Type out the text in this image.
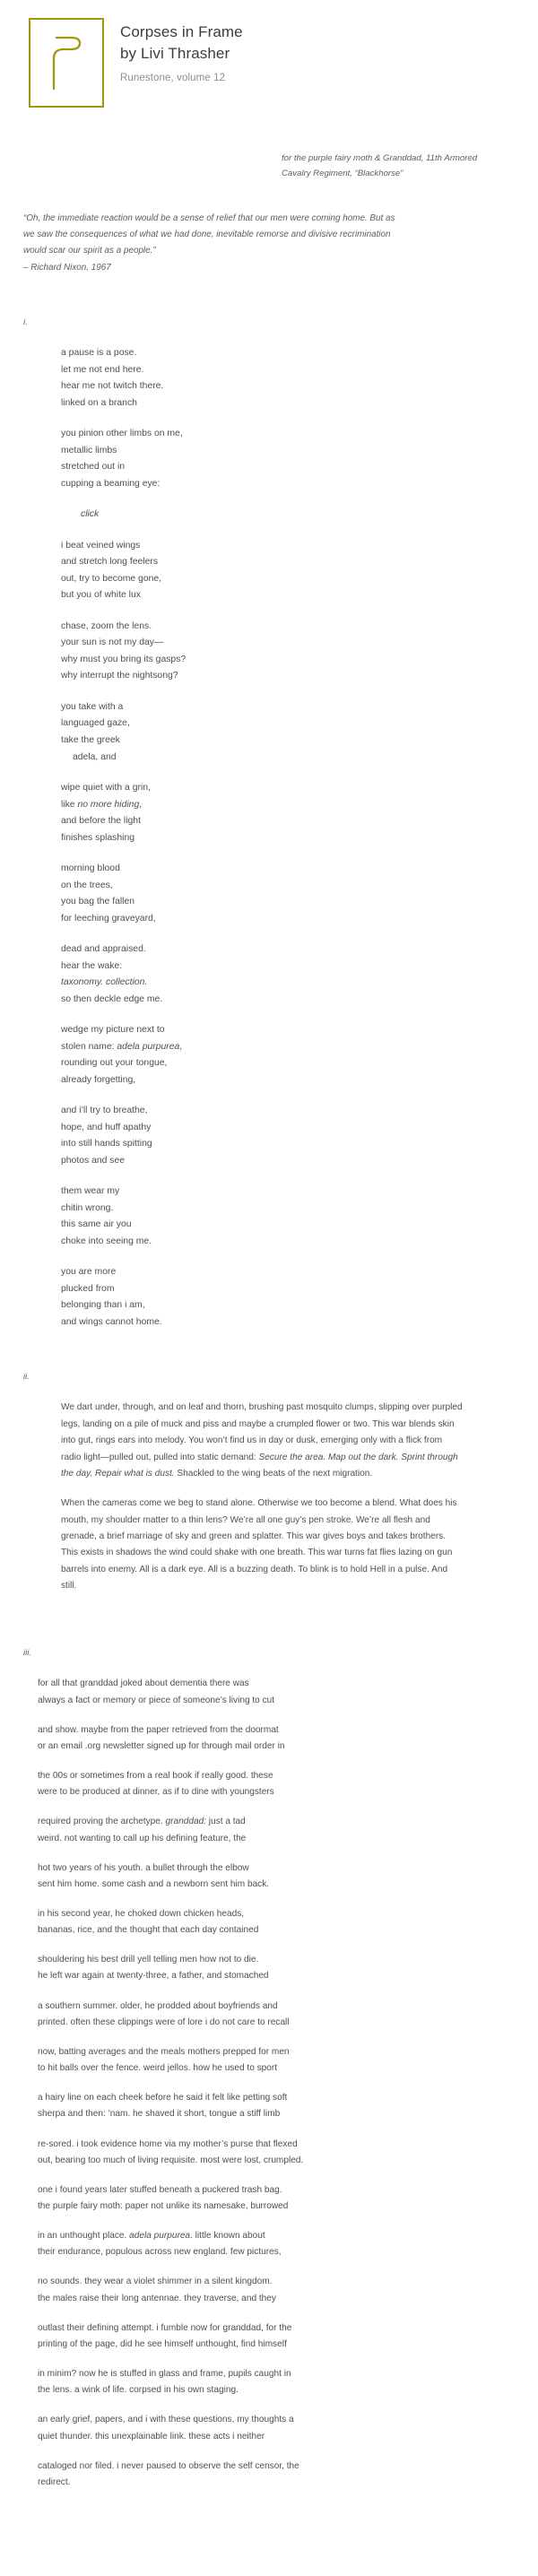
Corpses in Frame
by Livi Thrasher
Runestone, volume 12
for the purple fairy moth & Granddad, 11th Armored
Cavalry Regiment, “Blackhorse”
“Oh, the immediate reaction would be a sense of relief that our men were coming home. But as
we saw the consequences of what we had done, inevitable remorse and divisive recrimination
would scar our spirit as a people.”
– Richard Nixon, 1967
i.
a pause is a pose.
let me not end here.
hear me not twitch there.
linked on a branch
you pinion other limbs on me,
metallic limbs
stretched out in
cupping a beaming eye:
click
i beat veined wings
and stretch long feelers
out, try to become gone,
but you of white lux
chase, zoom the lens.
your sun is not my day—
why must you bring its gasps?
why interrupt the nightsong?
you take with a
languaged gaze,
take the greek
adela, and
wipe quiet with a grin,
like no more hiding,
and before the light
finishes splashing
morning blood
on the trees,
you bag the fallen
for leeching graveyard,
dead and appraised.
hear the wake:
taxonomy. collection.
so then deckle edge me.
wedge my picture next to
stolen name: adela purpurea,
rounding out your tongue,
already forgetting,
and i’ll try to breathe,
hope, and huff apathy
into still hands spitting
photos and see
them wear my
chitin wrong.
this same air you
choke into seeing me.
you are more
plucked from
belonging than i am,
and wings cannot home.
ii.

We dart under, through, and on leaf and thorn, brushing past mosquito clumps, slipping over purpled legs, landing on a pile of muck and piss and maybe a crumpled flower or two. This war blends skin into gut, rings ears into melody. You won’t find us in day or dusk, emerging only with a flick from radio light—pulled out, pulled into static demand: Secure the area. Map out the dark. Sprint through the day. Repair what is dust. Shackled to the wing beats of the next migration.

When the cameras come we beg to stand alone. Otherwise we too become a blend. What does his mouth, my shoulder matter to a thin lens? We’re all one guy’s pen stroke. We’re all flesh and grenade, a brief marriage of sky and green and splatter. This war gives boys and takes brothers. This exists in shadows the wind could shake with one breath. This war turns fat flies lazing on gun barrels into enemy. All is a dark eye. All is a buzzing death. To blink is to hold Hell in a pulse. And still.

iii.
for all that granddad joked about dementia there was
always a fact or memory or piece of someone’s living to cut
and show. maybe from the paper retrieved from the doormat
or an email .org newsletter signed up for through mail order in
the 00s or sometimes from a real book if really good. these
were to be produced at dinner, as if to dine with youngsters
required proving the archetype. granddad: just a tad
weird. not wanting to call up his defining feature, the
hot two years of his youth. a bullet through the elbow
sent him home. some cash and a newborn sent him back.
in his second year, he choked down chicken heads,
bananas, rice, and the thought that each day contained
shouldering his best drill yell telling men how not to die.
he left war again at twenty-three, a father, and stomached
a southern summer. older, he prodded about boyfriends and
printed. often these clippings were of lore i do not care to recall
now, batting averages and the meals mothers prepped for men
to hit balls over the fence. weird jellos. how he used to sport
a hairy line on each cheek before he said it felt like petting soft
sherpa and then: ‘nam. he shaved it short, tongue a stiff limb
re-sored. i took evidence home via my mother’s purse that flexed
out, bearing too much of living requisite. most were lost, crumpled.
one i found years later stuffed beneath a puckered trash bag.
the purple fairy moth: paper not unlike its namesake, burrowed
in an unthought place. adela purpurea. little known about
their endurance, populous across new england. few pictures,
no sounds. they wear a violet shimmer in a silent kingdom.
the males raise their long antennae. they traverse, and they
outlast their defining attempt. i fumble now for granddad, for the
printing of the page, did he see himself unthought, find himself
in minim? now he is stuffed in glass and frame, pupils caught in
the lens. a wink of life. corpsed in his own staging.
an early grief, papers, and i with these questions, my thoughts a
quiet thunder. this unexplainable link. these acts i neither
cataloged nor filed. i never paused to observe the self censor, the
redirect.
